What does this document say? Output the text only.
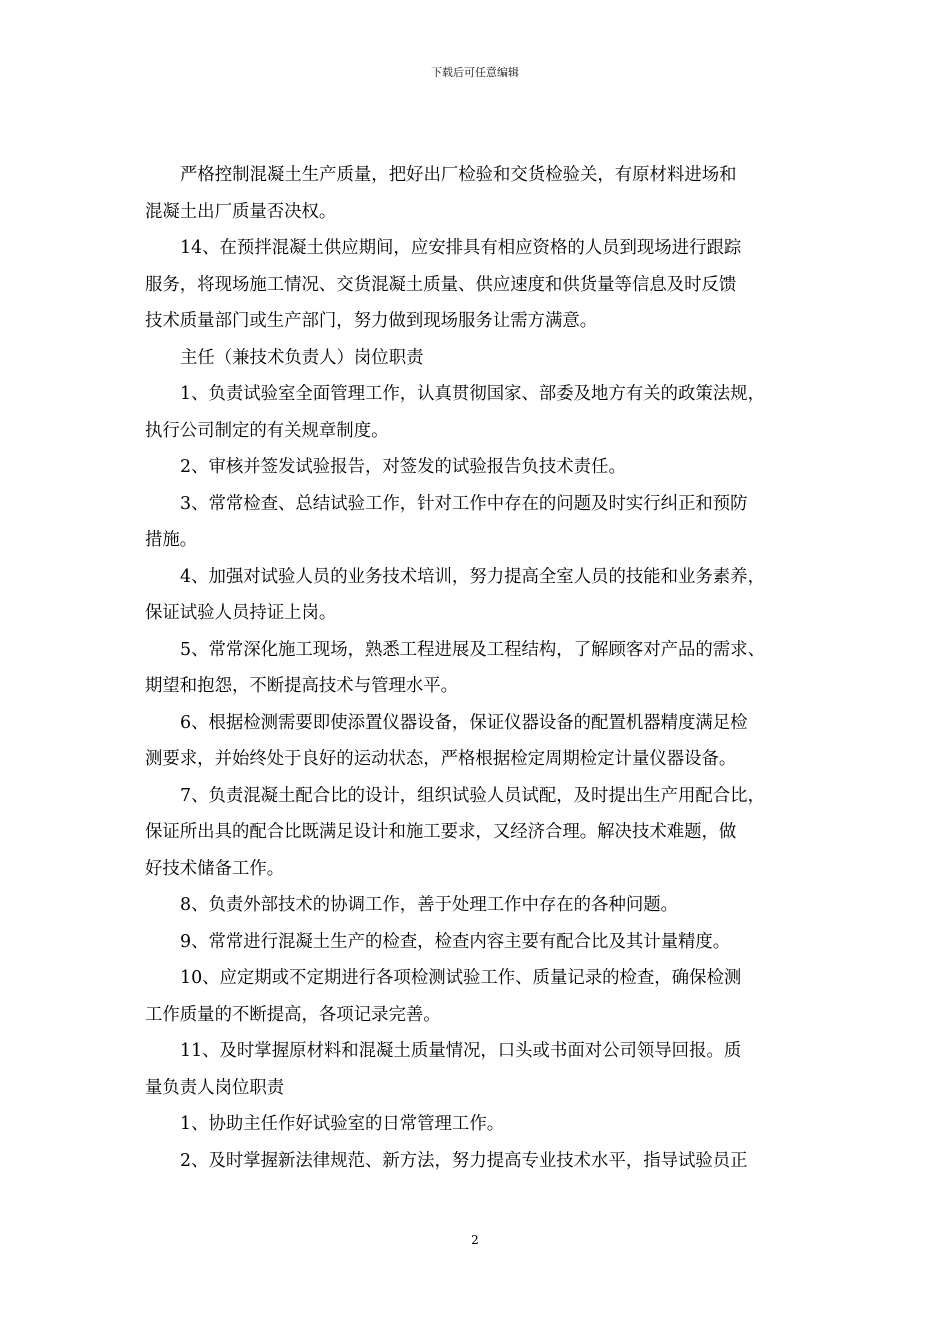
下载后可任意编辑
严格控制混凝土生产质量，把好出厂检验和交货检验关，有原材料进场和
混凝土出厂质量否决权。
14、在预拌混凝土供应期间，应安排具有相应资格的人员到现场进行跟踪
服务，将现场施工情况、交货混凝土质量、供应速度和供货量等信息及时反馈
技术质量部门或生产部门，努力做到现场服务让需方满意。
主任（兼技术负责人）岗位职责
1、负责试验室全面管理工作，认真贯彻国家、部委及地方有关的政策法规，
执行公司制定的有关规章制度。
2、审核并签发试验报告，对签发的试验报告负技术责任。
3、常常检查、总结试验工作，针对工作中存在的问题及时实行纠正和预防
措施。
4、加强对试验人员的业务技术培训，努力提高全室人员的技能和业务素养，
保证试验人员持证上岗。
5、常常深化施工现场，熟悉工程进展及工程结构，了解顾客对产品的需求、
期望和抱怨，不断提高技术与管理水平。
6、根据检测需要即使添置仪器设备，保证仪器设备的配置机器精度满足检
测要求，并始终处于良好的运动状态，严格根据检定周期检定计量仪器设备。
7、负责混凝土配合比的设计，组织试验人员试配，及时提出生产用配合比，
保证所出具的配合比既满足设计和施工要求，又经济合理。解决技术难题，做
好技术储备工作。
8、负责外部技术的协调工作，善于处理工作中存在的各种问题。
9、常常进行混凝土生产的检查，检查内容主要有配合比及其计量精度。
10、应定期或不定期进行各项检测试验工作、质量记录的检查，确保检测
工作质量的不断提高，各项记录完善。
11、及时掌握原材料和混凝土质量情况，口头或书面对公司领导回报。质
量负责人岗位职责
1、协助主任作好试验室的日常管理工作。
2、及时掌握新法律规范、新方法，努力提高专业技术水平，指导试验员正
2
